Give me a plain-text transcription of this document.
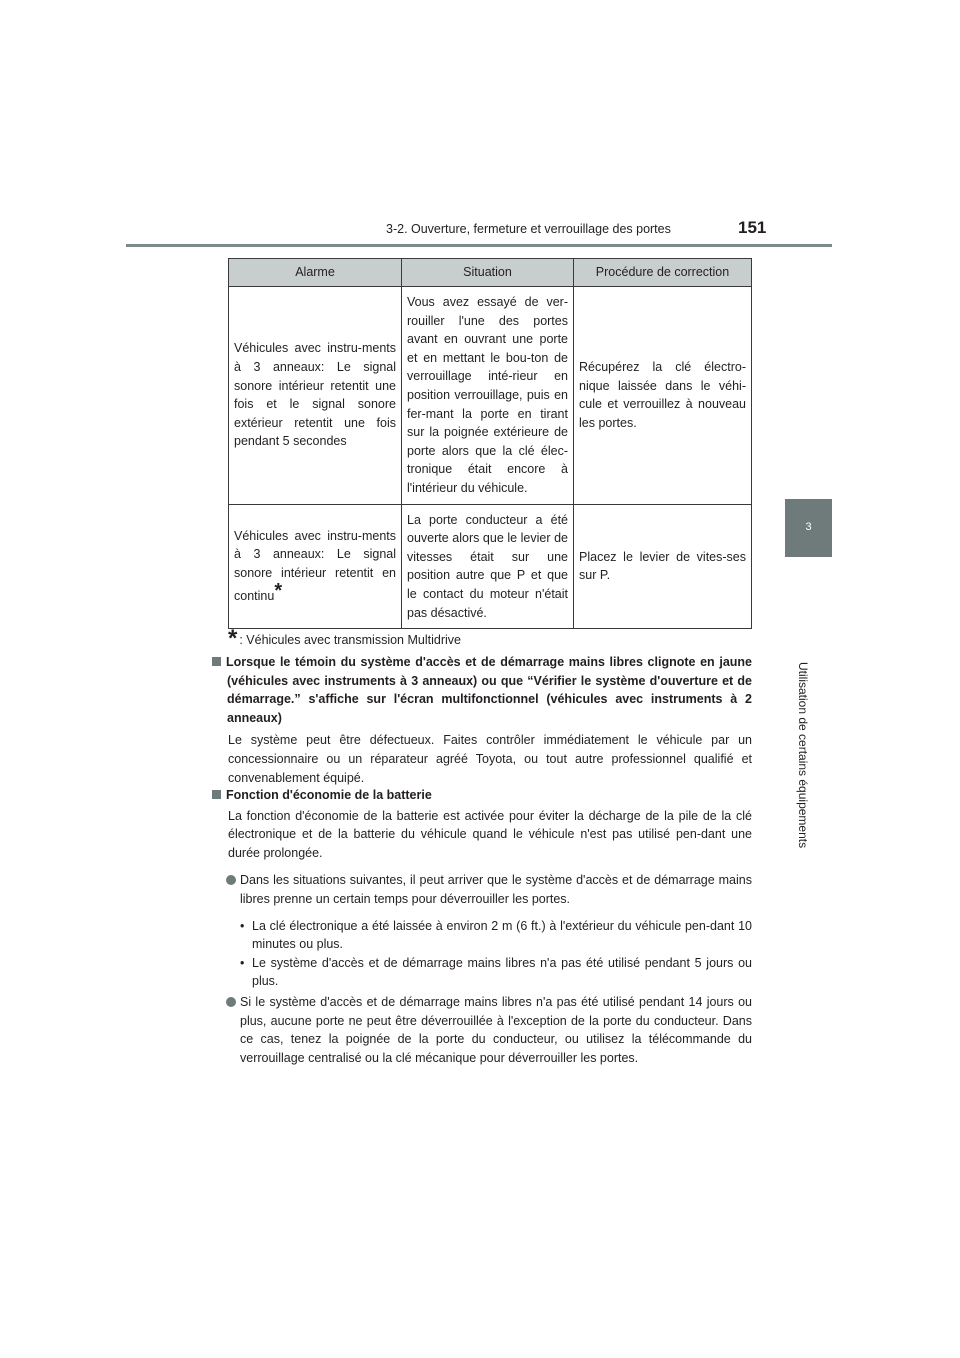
3-2. Ouverture, fermeture et verrouillage des portes	151
3
Utilisation de certains équipements
Alarme	Situation	Procédure de correction
Véhicules avec instru-ments à 3 anneaux: Le signal sonore intérieur retentit une fois et le signal sonore extérieur retentit une fois pendant 5 secondes	Vous avez essayé de ver-rouiller l'une des portes avant en ouvrant une porte et en mettant le bou-ton de verrouillage inté-rieur en position verrouillage, puis en fer-mant la porte en tirant sur la poignée extérieure de porte alors que la clé élec-tronique était encore à l'intérieur du véhicule.	Récupérez la clé électro-nique laissée dans le véhi-cule et verrouillez à nouveau les portes.
Véhicules avec instru-ments à 3 anneaux: Le signal sonore intérieur retentit en continu*	La porte conducteur a été ouverte alors que le levier de vitesses était sur une position autre que P et que le contact du moteur n'était pas désactivé.	Placez le levier de vites-ses sur P.
* : Véhicules avec transmission Multidrive
Lorsque le témoin du système d'accès et de démarrage mains libres clignote en jaune (véhicules avec instruments à 3 anneaux) ou que “Vérifier le système d'ouverture et de démarrage.” s'affiche sur l'écran multifonctionnel (véhicules avec instruments à 2 anneaux)
Le système peut être défectueux. Faites contrôler immédiatement le véhicule par un concessionnaire ou un réparateur agréé Toyota, ou tout autre professionnel qualifié et convenablement équipé.
Fonction d'économie de la batterie
La fonction d'économie de la batterie est activée pour éviter la décharge de la pile de la clé électronique et de la batterie du véhicule quand le véhicule n'est pas utilisé pen-dant une durée prolongée.
Dans les situations suivantes, il peut arriver que le système d'accès et de démarrage mains libres prenne un certain temps pour déverrouiller les portes.
• La clé électronique a été laissée à environ 2 m (6 ft.) à l'extérieur du véhicule pen-dant 10 minutes ou plus.
• Le système d'accès et de démarrage mains libres n'a pas été utilisé pendant 5 jours ou plus.
Si le système d'accès et de démarrage mains libres n'a pas été utilisé pendant 14 jours ou plus, aucune porte ne peut être déverrouillée à l'exception de la porte du conducteur. Dans ce cas, tenez la poignée de la porte du conducteur, ou utilisez la télécommande du verrouillage centralisé ou la clé mécanique pour déverrouiller les portes.
